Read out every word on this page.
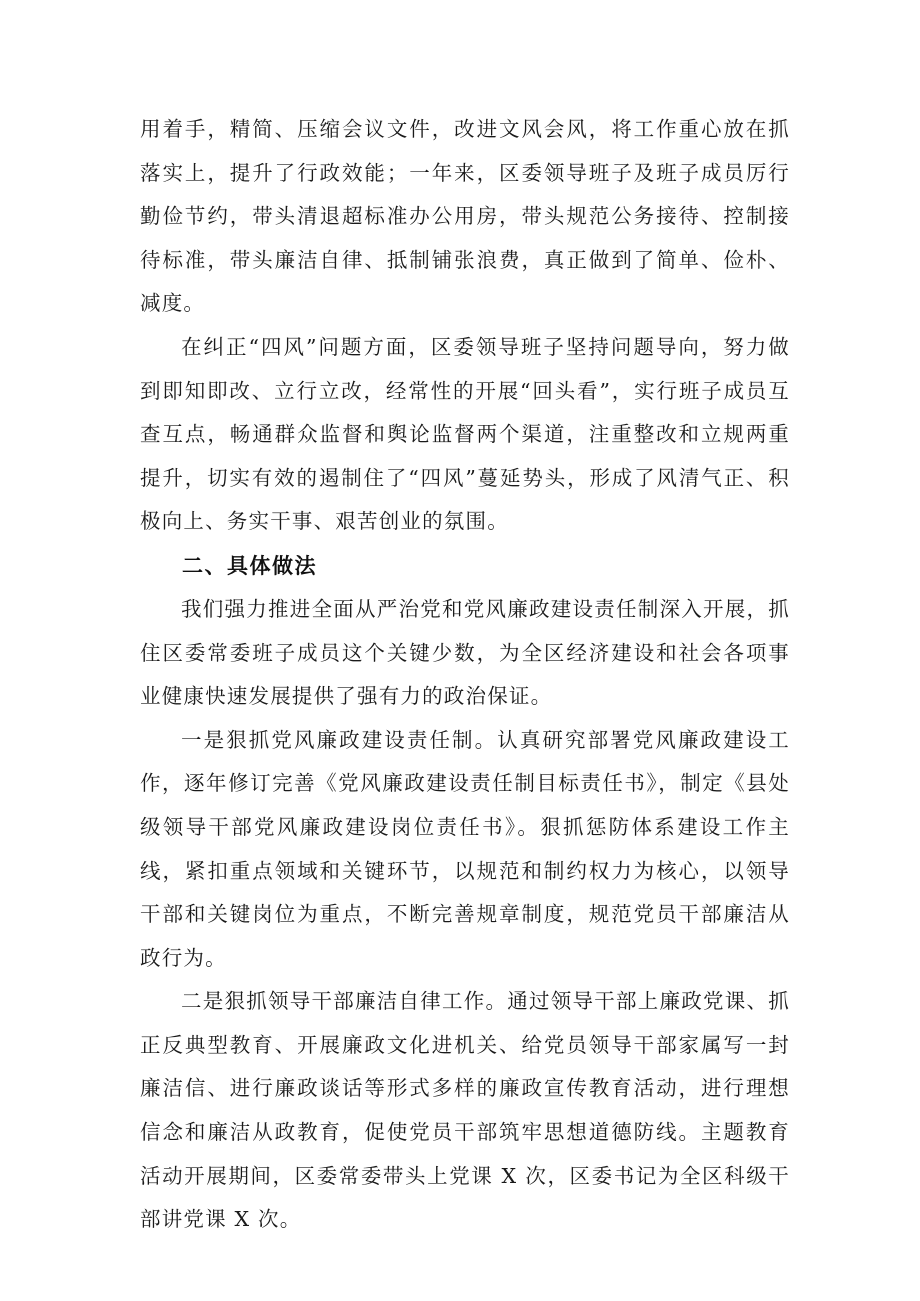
用着手，精简、压缩会议文件，改进文风会风，将工作重心放在抓落实上，提升了行政效能；一年来，区委领导班子及班子成员厉行勤俭节约，带头清退超标准办公用房，带头规范公务接待、控制接待标准，带头廉洁自律、抵制铺张浪费，真正做到了简单、俭朴、减度。

在纠正“四风”问题方面，区委领导班子坚持问题导向，努力做到即知即改、立行立改，经常性的开展“回头看”，实行班子成员互查互点，畅通群众监督和舆论监督两个渠道，注重整改和立规两重提升，切实有效的遏制住了“四风”蔓延势头，形成了风清气正、积极向上、务实干事、艰苦创业的氛围。

二、具体做法

我们强力推进全面从严治党和党风廉政建设责任制深入开展，抓住区委常委班子成员这个关键少数，为全区经济建设和社会各项事业健康快速发展提供了强有力的政治保证。

一是狠抓党风廉政建设责任制。认真研究部署党风廉政建设工作，逐年修订完善《党风廉政建设责任制目标责任书》，制定《县处级领导干部党风廉政建设岗位责任书》。狠抓惩防体系建设工作主线，紧扣重点领域和关键环节，以规范和制约权力为核心，以领导干部和关键岗位为重点，不断完善规章制度，规范党员干部廉洁从政行为。

二是狠抓领导干部廉洁自律工作。通过领导干部上廉政党课、抓正反典型教育、开展廉政文化进机关、给党员领导干部家属写一封廉洁信、进行廉政谈话等形式多样的廉政宣传教育活动，进行理想信念和廉洁从政教育，促使党员干部筑牢思想道德防线。主题教育活动开展期间，区委常委带头上党课 X 次，区委书记为全区科级干部讲党课 X 次。
